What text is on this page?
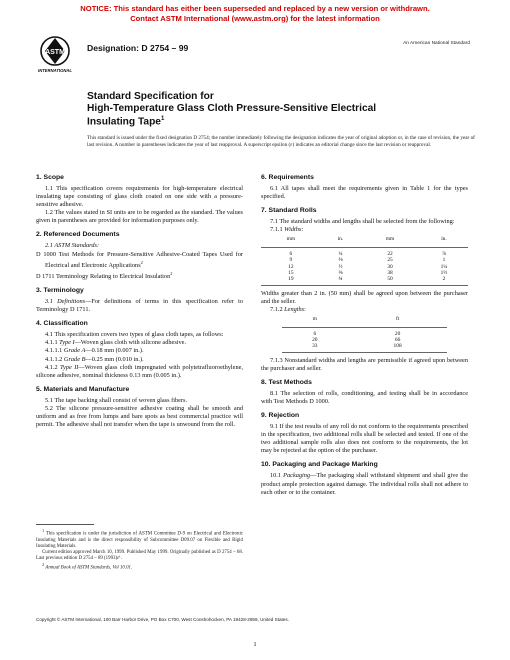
NOTICE: This standard has either been superseded and replaced by a new version or withdrawn.
Contact ASTM International (www.astm.org) for the latest information
ASTM
INTERNATIONAL
Designation: D 2754 – 99	An American National Standard
Standard Specification for
High-Temperature Glass Cloth Pressure-Sensitive Electrical
Insulating Tape$^1$
This standard is issued under the fixed designation D 2754; the number immediately following the designation indicates the year of original adoption or, in the case of revision, the year of last revision. A number in parentheses indicates the year of last reapproval. A superscript epsilon (ε) indicates an editorial change since the last revision or reapproval.
1. Scope

1.1 This specification covers requirements for high-temperature electrical insulating tape consisting of glass cloth coated on one side with a pressure-sensitive adhesive.

1.2 The values stated in SI units are to be regarded as the standard. The values given in parentheses are provided for information purposes only.

2. Referenced Documents

2.1 ASTM Standards:

D 1000 Test Methods for Pressure-Sensitive Adhesive-Coated Tapes Used for Electrical and Electronic Applications$^2$

D 1711 Terminology Relating to Electrical Insulation$^2$

3. Terminology

3.1 Definitions—For definitions of terms in this specification refer to Terminology D 1711.

4. Classification

4.1 This specification covers two types of glass cloth tapes, as follows:

4.1.1 Type I—Woven glass cloth with silicone adhesive.

4.1.1.1 Grade A—0.18 mm (0.007 in.).

4.1.1.2 Grade B—0.25 mm (0.010 in.).

4.1.2 Type II—Woven glass cloth impregnated with polytetrafluoroethylene, silicone adhesive, nominal thickness 0.13 mm (0.005 in.).

5. Materials and Manufacture

5.1 The tape backing shall consist of woven glass fibers.

5.2 The silicone pressure-sensitive adhesive coating shall be smooth and uniform and as free from lumps and bare spots as best commercial practice will permit. The adhesive shall not transfer when the tape is unwound from the roll.

$^1$ This specification is under the jurisdiction of ASTM Committee D-9 on Electrical and Electronic Insulating Materials and is the direct responsibility of Subcommittee D09.07 on Flexible and Rigid Insulating Materials.

Current edition approved March 10, 1999. Published May 1999. Originally published as D 2754 – 68. Last previous edition D 2754 – 89 (1993)ε¹.

$^2$ Annual Book of ASTM Standards, Vol 10.01.

6. Requirements

6.1 All tapes shall meet the requirements given in Table 1 for the types specified.

7. Standard Rolls

7.1 The standard widths and lengths shall be selected from the following:

7.1.1 Widths:

mm	in.	mm	in.
6	¼	22	⅞
9	⅜	25	1
12	½	30	1¼
15	⅝	38	1½
19	¾	50	2

Widths greater than 2 in. (50 mm) shall be agreed upon between the purchaser and the seller.

7.1.2 Lengths:

m	ft
6	20
20	66
33	108

7.1.3 Nonstandard widths and lengths are permissible if agreed upon between the purchaser and seller.

8. Test Methods

8.1 The selection of rolls, conditioning, and testing shall be in accordance with Test Methods D 1000.

9. Rejection

9.1 If the test results of any roll do not conform to the requirements prescribed in the specification, two additional rolls shall be selected and tested. If one of the two additional sample rolls also does not conform to the requirements, the lot may be rejected at the option of the purchaser.

10. Packaging and Package Marking

10.1 Packaging—The packaging shall withstand shipment and shall give the product ample protection against damage. The individual rolls shall not adhere to each other or to the container.

Copyright © ASTM International, 100 Barr Harbor Drive, PO Box C700, West Conshohocken, PA 19428-2959, United States.
1
